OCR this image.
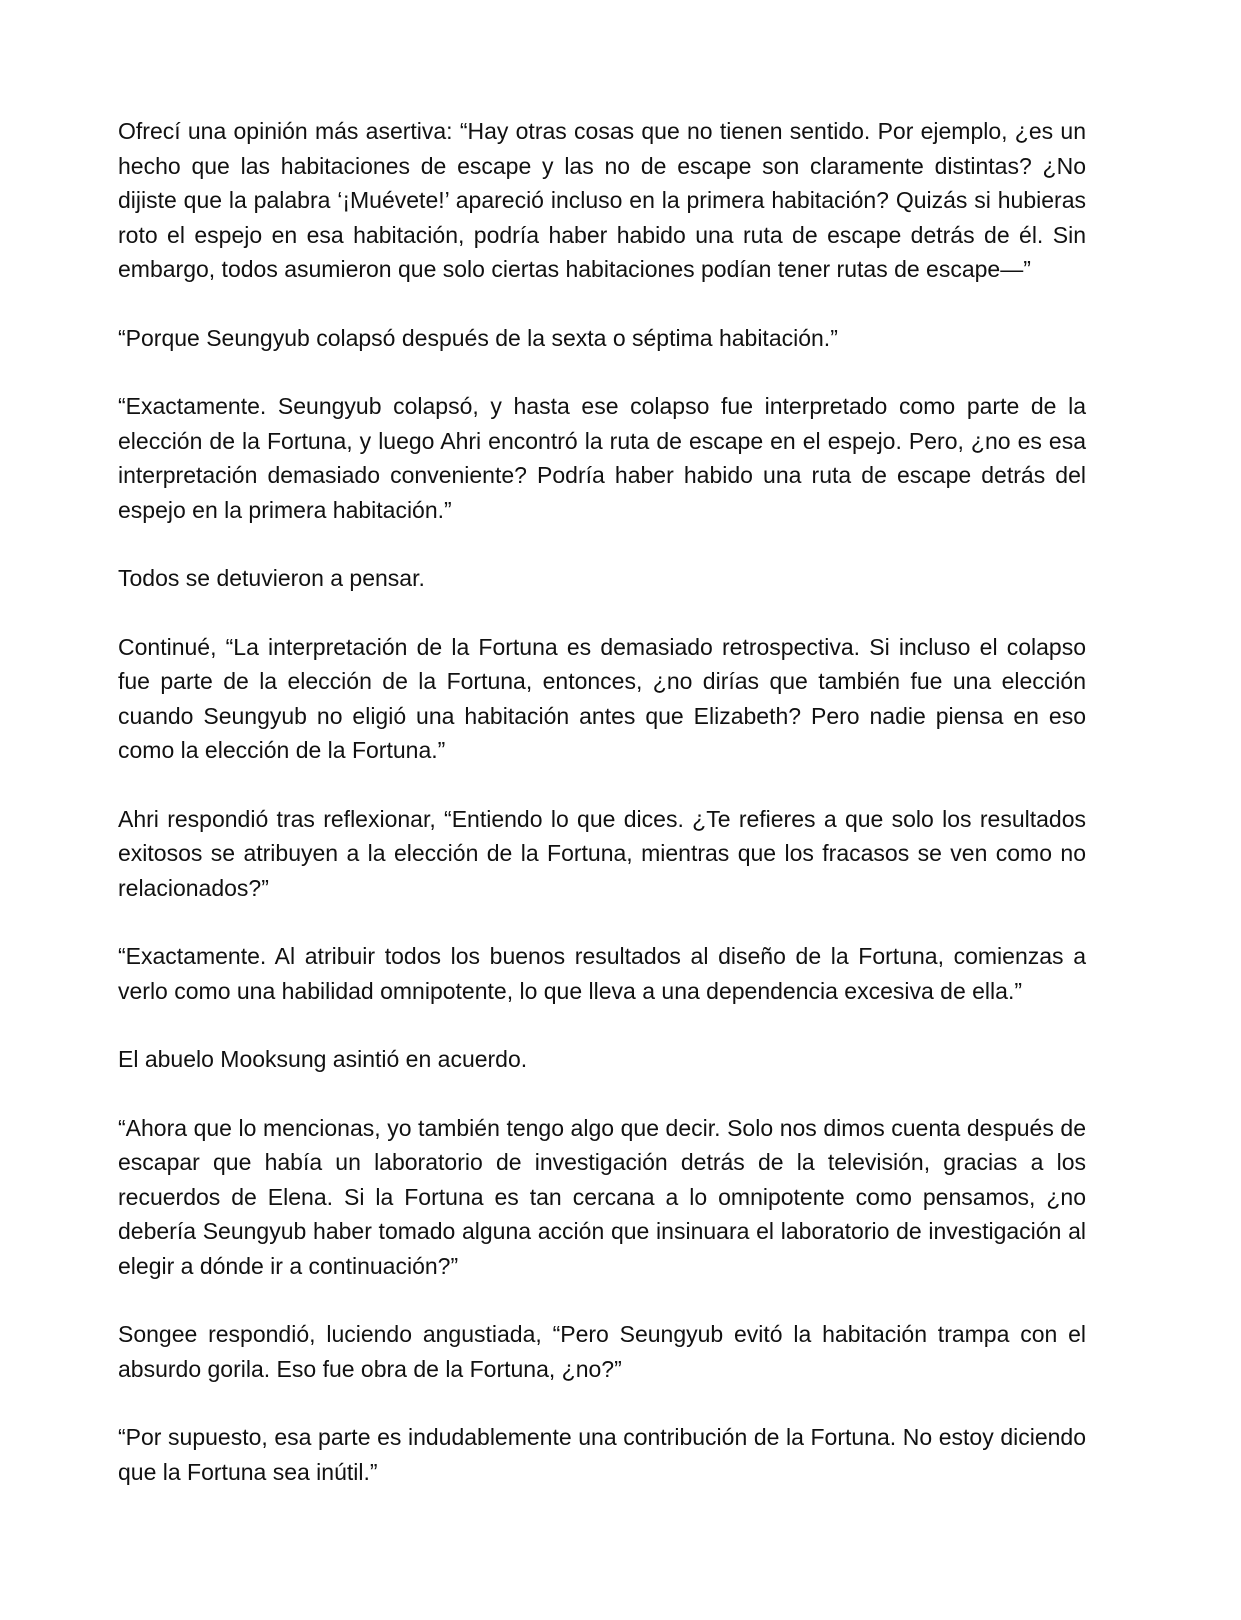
Ofrecí una opinión más asertiva: “Hay otras cosas que no tienen sentido. Por ejemplo, ¿es un hecho que las habitaciones de escape y las no de escape son claramente distintas? ¿No dijiste que la palabra ‘¡Muévete!’ apareció incluso en la primera habitación? Quizás si hubieras roto el espejo en esa habitación, podría haber habido una ruta de escape detrás de él. Sin embargo, todos asumieron que solo ciertas habitaciones podían tener rutas de escape—”

“Porque Seungyub colapsó después de la sexta o séptima habitación.”

“Exactamente. Seungyub colapsó, y hasta ese colapso fue interpretado como parte de la elección de la Fortuna, y luego Ahri encontró la ruta de escape en el espejo. Pero, ¿no es esa interpretación demasiado conveniente? Podría haber habido una ruta de escape detrás del espejo en la primera habitación.”

Todos se detuvieron a pensar.

Continué, “La interpretación de la Fortuna es demasiado retrospectiva. Si incluso el colapso fue parte de la elección de la Fortuna, entonces, ¿no dirías que también fue una elección cuando Seungyub no eligió una habitación antes que Elizabeth? Pero nadie piensa en eso como la elección de la Fortuna.”

Ahri respondió tras reflexionar, “Entiendo lo que dices. ¿Te refieres a que solo los resultados exitosos se atribuyen a la elección de la Fortuna, mientras que los fracasos se ven como no relacionados?”

“Exactamente. Al atribuir todos los buenos resultados al diseño de la Fortuna, comienzas a verlo como una habilidad omnipotente, lo que lleva a una dependencia excesiva de ella.”

El abuelo Mooksung asintió en acuerdo.

“Ahora que lo mencionas, yo también tengo algo que decir. Solo nos dimos cuenta después de escapar que había un laboratorio de investigación detrás de la televisión, gracias a los recuerdos de Elena. Si la Fortuna es tan cercana a lo omnipotente como pensamos, ¿no debería Seungyub haber tomado alguna acción que insinuara el laboratorio de investigación al elegir a dónde ir a continuación?”

Songee respondió, luciendo angustiada, “Pero Seungyub evitó la habitación trampa con el absurdo gorila. Eso fue obra de la Fortuna, ¿no?”

“Por supuesto, esa parte es indudablemente una contribución de la Fortuna. No estoy diciendo que la Fortuna sea inútil.”
